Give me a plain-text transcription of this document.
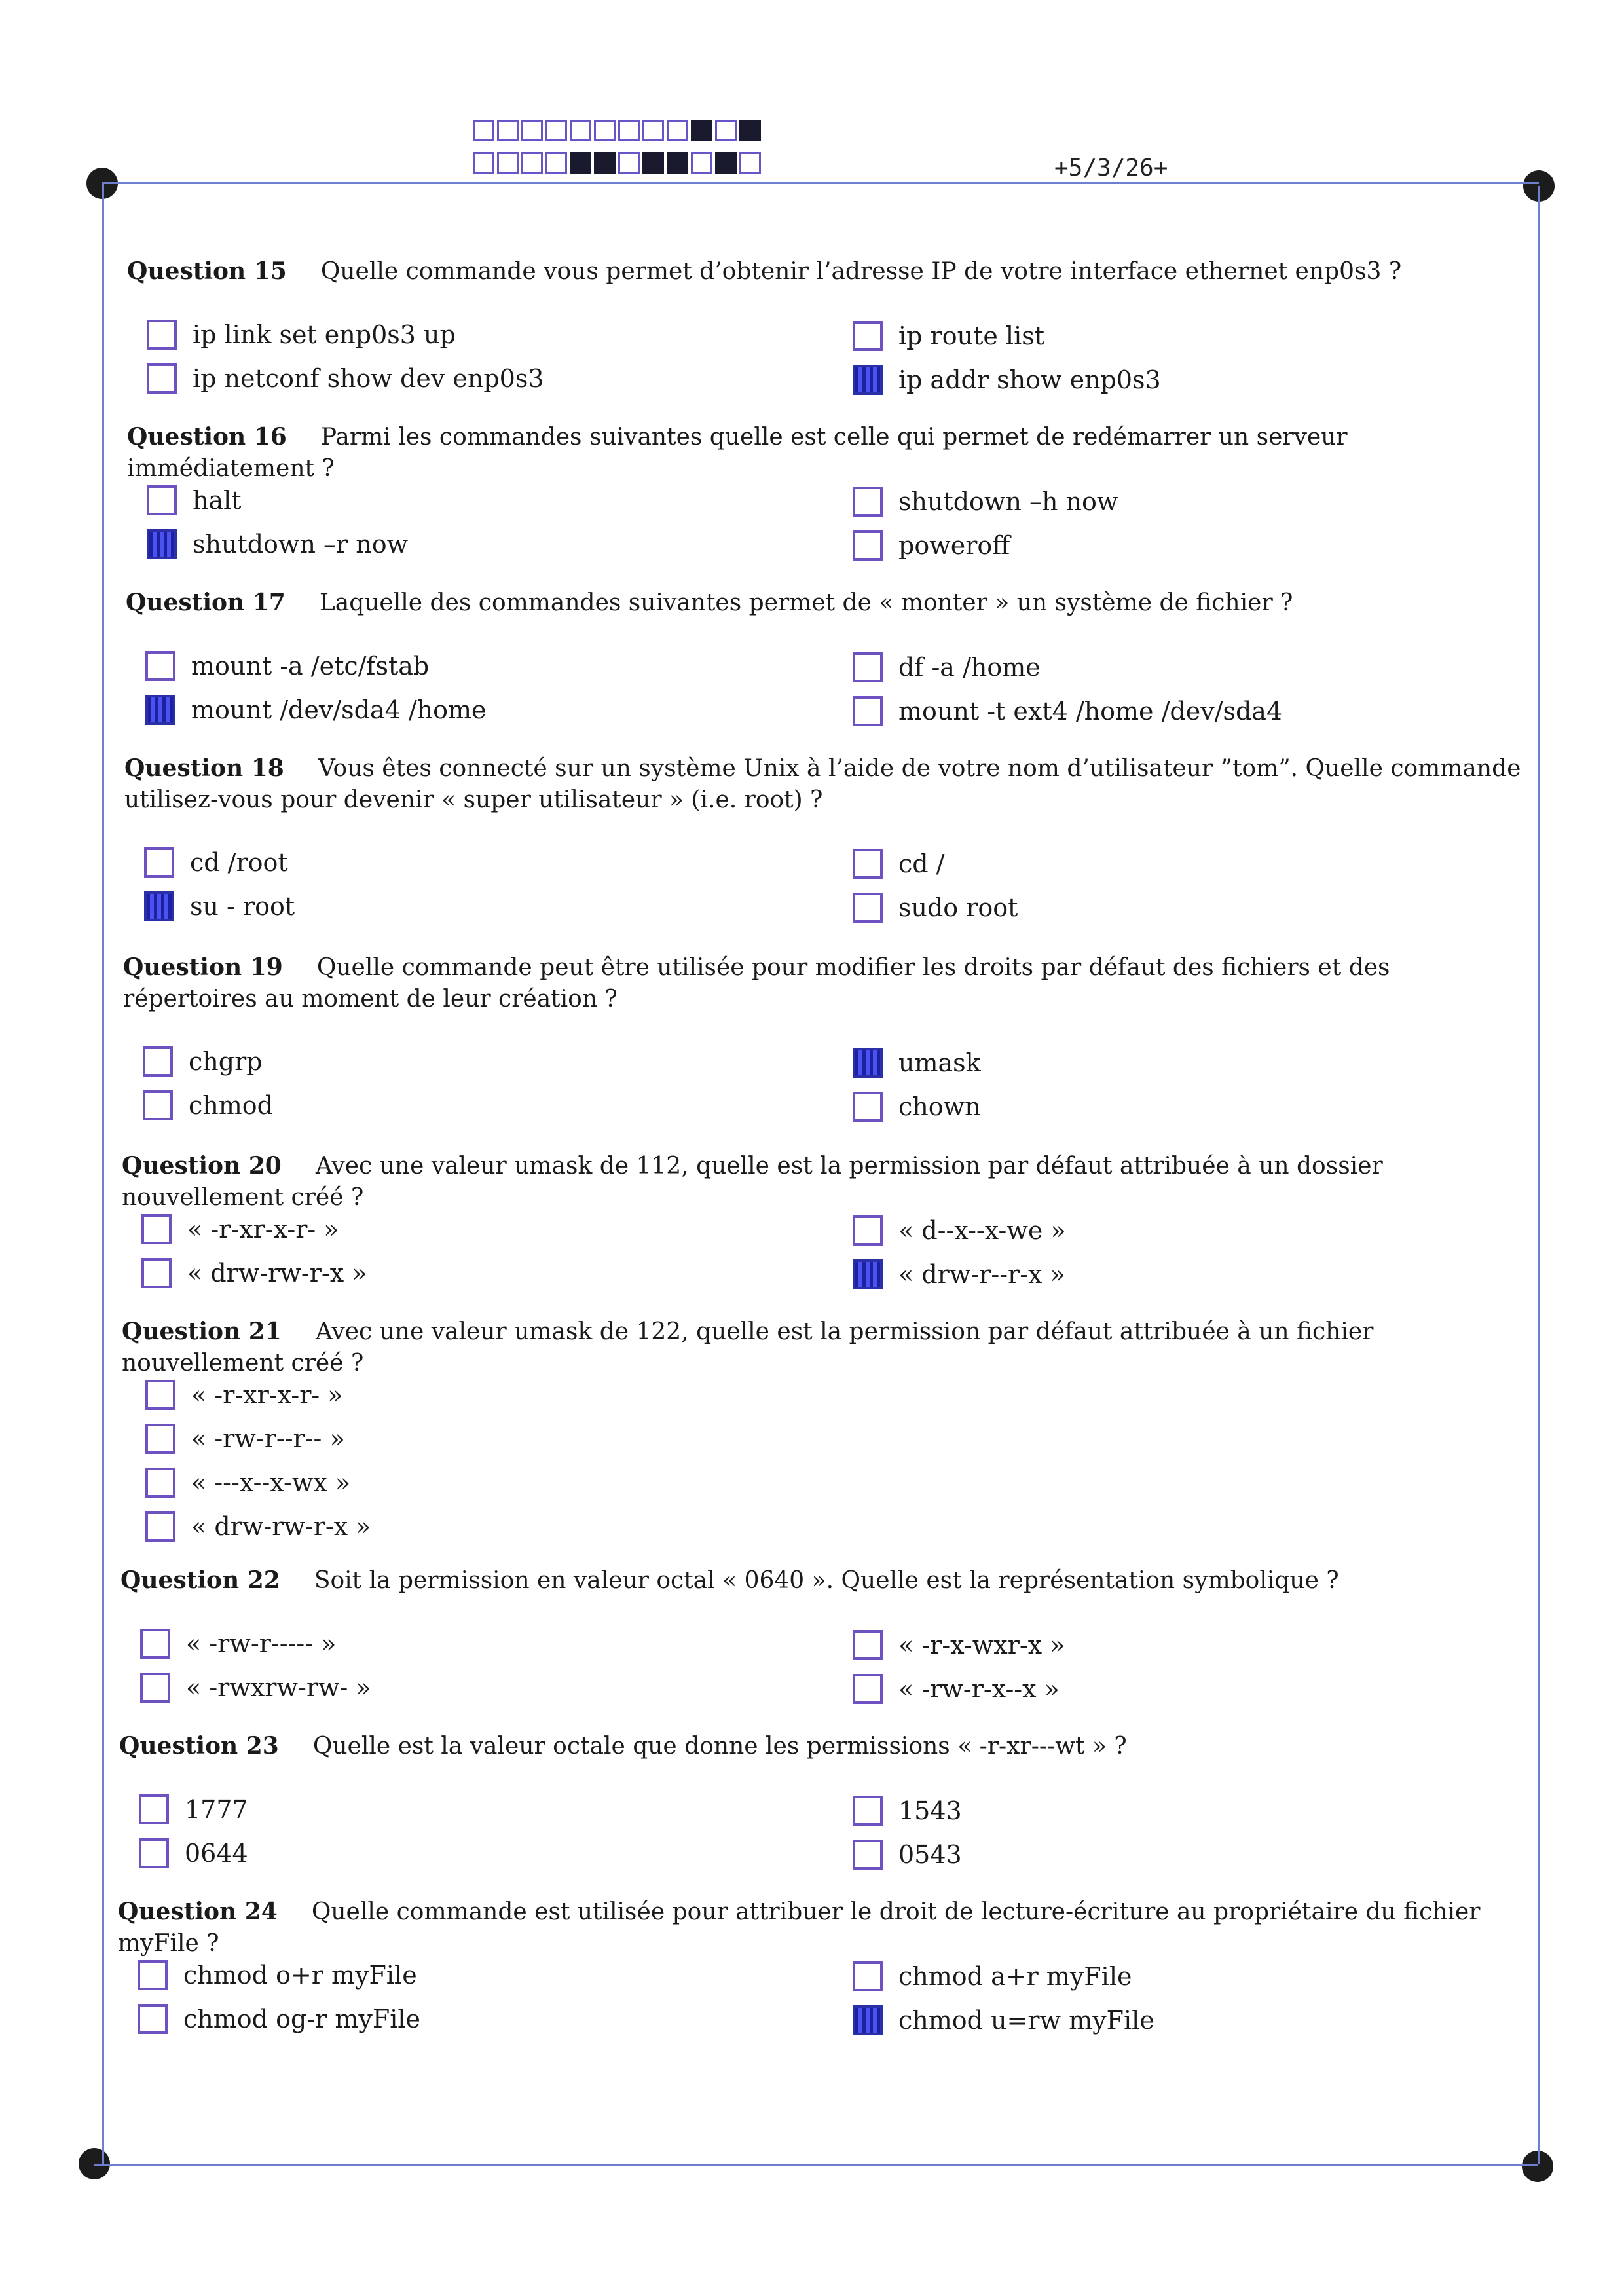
+5/3/26+
Question 15 Quelle commande vous permet d’obtenir l’adresse IP de votre interface ethernet enp0s3 ?
ip link set enp0s3 up
ip netconf show dev enp0s3
ip route list
ip addr show enp0s3
Question 16 Parmi les commandes suivantes quelle est celle qui permet de redémarrer un serveur immédiatement ?
halt
shutdown –r now
shutdown –h now
poweroff
Question 17 Laquelle des commandes suivantes permet de « monter » un système de fichier ?
mount -a /etc/fstab
mount /dev/sda4 /home
df -a /home
mount -t ext4 /home /dev/sda4
Question 18 Vous êtes connecté sur un système Unix à l’aide de votre nom d’utilisateur ”tom”. Quelle commande utilisez-vous pour devenir « super utilisateur » (i.e. root) ?
cd /root
su - root
cd /
sudo root
Question 19 Quelle commande peut être utilisée pour modifier les droits par défaut des fichiers et des répertoires au moment de leur création ?
chgrp
chmod
umask
chown
Question 20 Avec une valeur umask de 112, quelle est la permission par défaut attribuée à un dossier nouvellement créé ?
« -r-xr-x-r- »
« drw-rw-r-x »
« d--x--x-we »
« drw-r--r-x »
Question 21 Avec une valeur umask de 122, quelle est la permission par défaut attribuée à un fichier nouvellement créé ?
« -r-xr-x-r- »
« -rw-r--r-- »
« ---x--x-wx »
« drw-rw-r-x »
Question 22 Soit la permission en valeur octal « 0640 ». Quelle est la représentation symbolique ?
« -rw-r----- »
« -rwxrw-rw- »
« -r-x-wxr-x »
« -rw-r-x--x »
Question 23 Quelle est la valeur octale que donne les permissions « -r-xr---wt » ?
1777
0644
1543
0543
Question 24 Quelle commande est utilisée pour attribuer le droit de lecture-écriture au propriétaire du fichier myFile ?
chmod o+r myFile
chmod og-r myFile
chmod a+r myFile
chmod u=rw myFile
